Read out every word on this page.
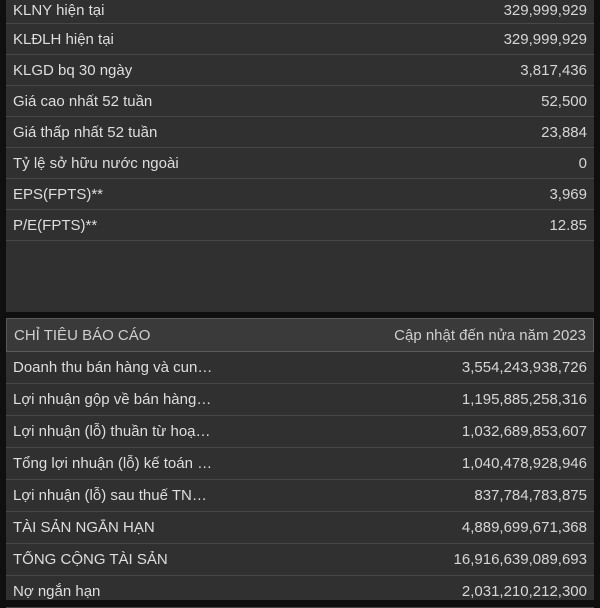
KLNY hiện tại	329,999,929
KLĐLH hiện tại	329,999,929
KLGD bq 30 ngày	3,817,436
Giá cao nhất 52 tuần	52,500
Giá thấp nhất 52 tuần	23,884
Tỷ lệ sở hữu nước ngoài	0
EPS(FPTS)**	3,969
P/E(FPTS)**	12.85
CHỈ TIÊU BÁO CÁO	Cập nhật đến nửa năm 2023
Doanh thu bán hàng và cun…	3,554,243,938,726
Lợi nhuận gộp về bán hàng…	1,195,885,258,316
Lợi nhuận (lỗ) thuần từ hoạ…	1,032,689,853,607
Tổng lợi nhuận (lỗ) kế toán …	1,040,478,928,946
Lợi nhuận (lỗ) sau thuế TN…	837,784,783,875
TÀI SẢN NGẮN HẠN	4,889,699,671,368
TỔNG CỘNG TÀI SẢN	16,916,639,089,693
Nợ ngắn hạn	2,031,210,212,300
